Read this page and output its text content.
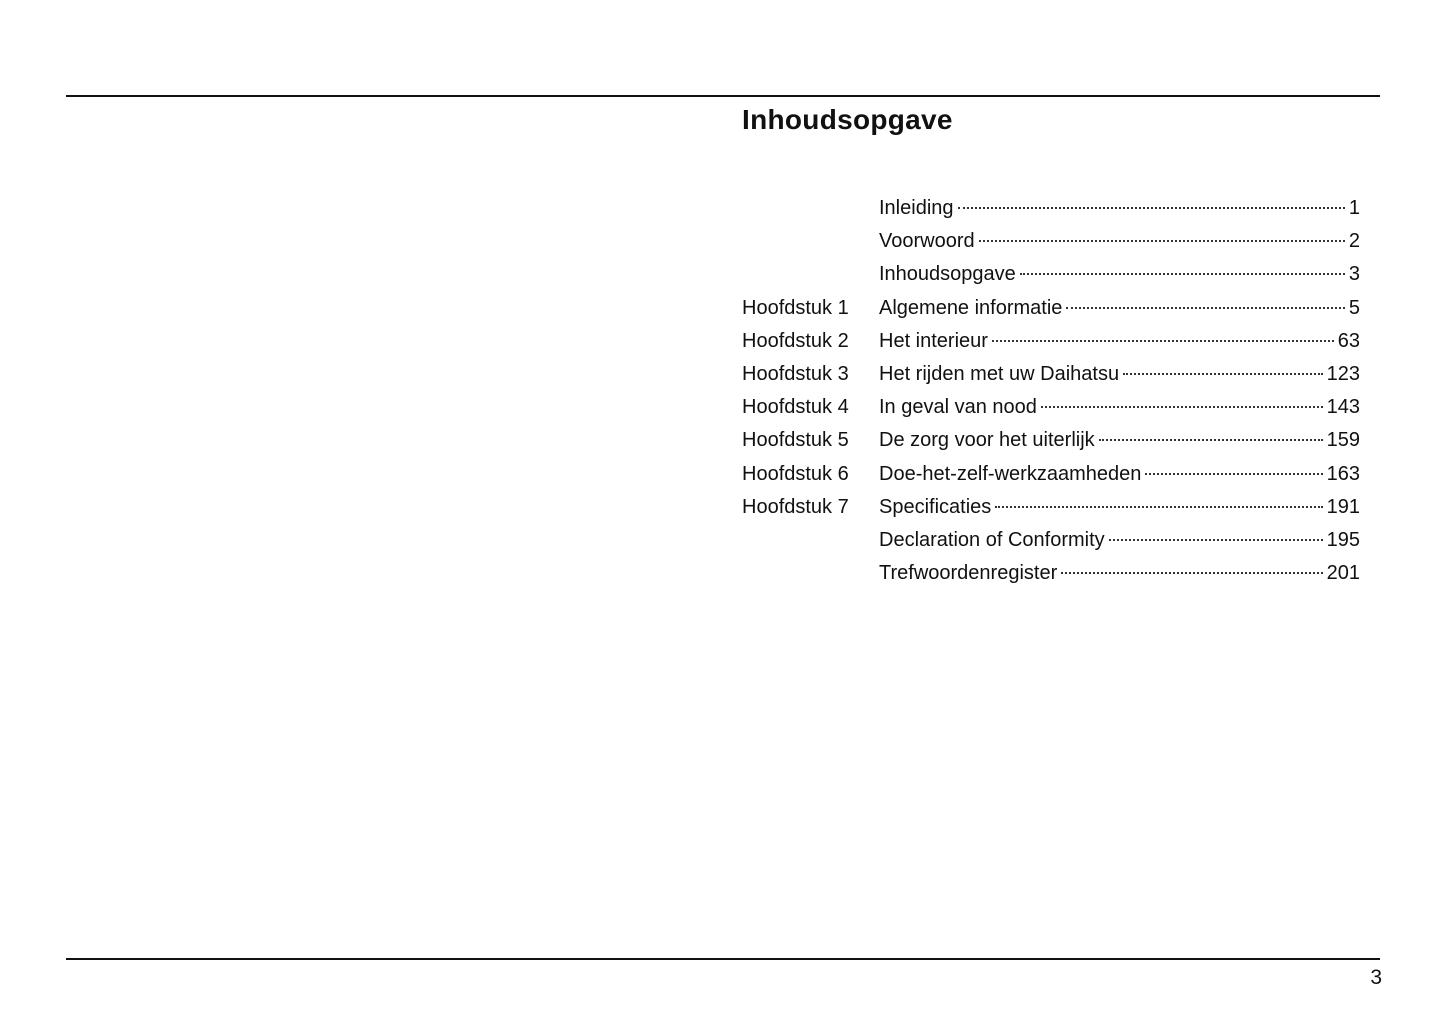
Inhoudsopgave
Inleiding	1
Voorwoord	2
Inhoudsopgave	3
Hoofdstuk 1	Algemene informatie	5
Hoofdstuk 2	Het interieur	63
Hoofdstuk 3	Het rijden met uw Daihatsu	123
Hoofdstuk 4	In geval van nood	143
Hoofdstuk 5	De zorg voor het uiterlijk	159
Hoofdstuk 6	Doe-het-zelf-werkzaamheden	163
Hoofdstuk 7	Specificaties	191
Declaration of Conformity	195
Trefwoordenregister	201
3
